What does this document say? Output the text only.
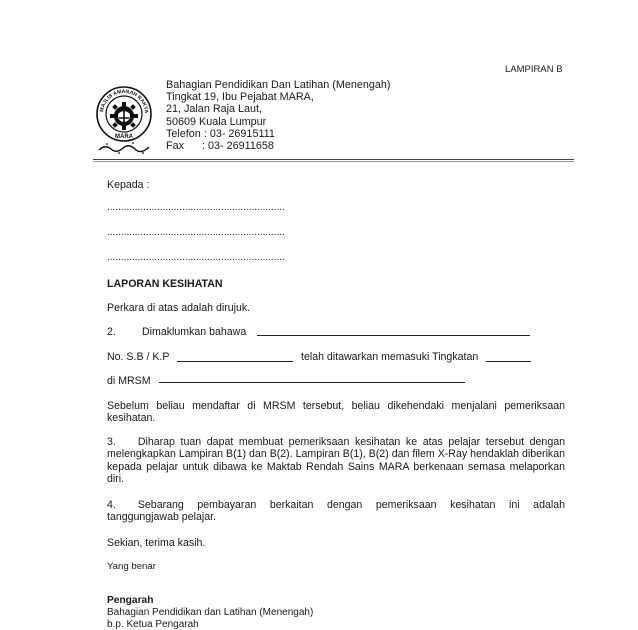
LAMPIRAN B
MAJLIS AMANAH RAKYA
MARA
Bahagian Pendidikan Dan Latihan (Menengah)
Tingkat 19, Ibu Pejabat MARA,
21, Jalan Raja Laut,
50609 Kuala Lumpur
Telefon : 03- 26915111
Fax      : 03- 26911658
Kepada :
................................................................
................................................................
................................................................
LAPORAN KESIHATAN
Perkara di atas adalah dirujuk.
2. Dimaklumkan bahawa
No. S.B / K.P	telah ditawarkan memasuki Tingkatan
di MRSM
Sebelum beliau mendaftar di MRSM tersebut, beliau dikehendaki menjalani pemeriksaan kesihatan.
3. Diharap tuan dapat membuat pemeriksaan kesihatan ke atas pelajar tersebut dengan melengkapkan Lampiran B(1) dan B(2). Lampiran B(1), B(2) dan filem X-Ray hendaklah diberikan kepada pelajar untuk dibawa ke Maktab Rendah Sains MARA berkenaan semasa melaporkan diri.
4. Sebarang pembayaran berkaitan dengan pemeriksaan kesihatan ini adalah tanggungjawab pelajar.
Sekian, terima kasih.
Yang benar
Pengarah
Bahagian Pendidikan dan Latihan (Menengah)
b.p. Ketua Pengarah
